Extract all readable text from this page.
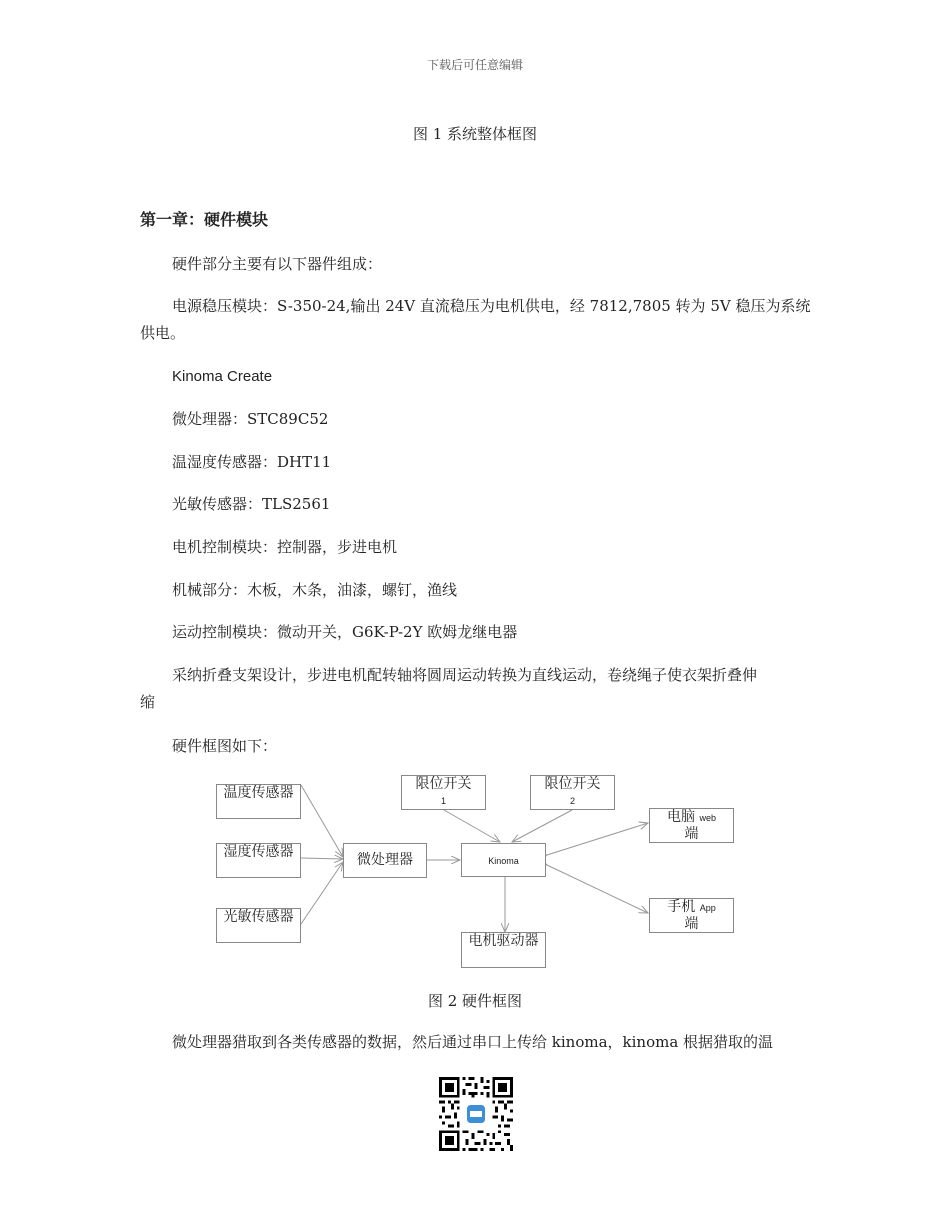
下载后可任意编辑
图 1 系统整体框图
第一章：硬件模块
硬件部分主要有以下器件组成：
电源稳压模块：S-350-24,输出 24V 直流稳压为电机供电，经 7812,7805 转为 5V 稳压为系统
供电。
Kinoma Create
微处理器：STC89C52
温湿度传感器：DHT11
光敏传感器：TLS2561
电机控制模块：控制器，步进电机
机械部分：木板，木条，油漆，螺钉，渔线
运动控制模块：微动开关，G6K-P-2Y 欧姆龙继电器
采纳折叠支架设计，步进电机配转轴将圆周运动转换为直线运动，卷绕绳子使衣架折叠伸
缩
硬件框图如下：
温度传感器
湿度传感器
光敏传感器
微处理器
限位开关
1
限位开关
2
Kinoma
电脑 web
端
手机 App
端
电机驱动器
图 2 硬件框图
微处理器猎取到各类传感器的数据，然后通过串口上传给 kinoma，kinoma 根据猎取的温
